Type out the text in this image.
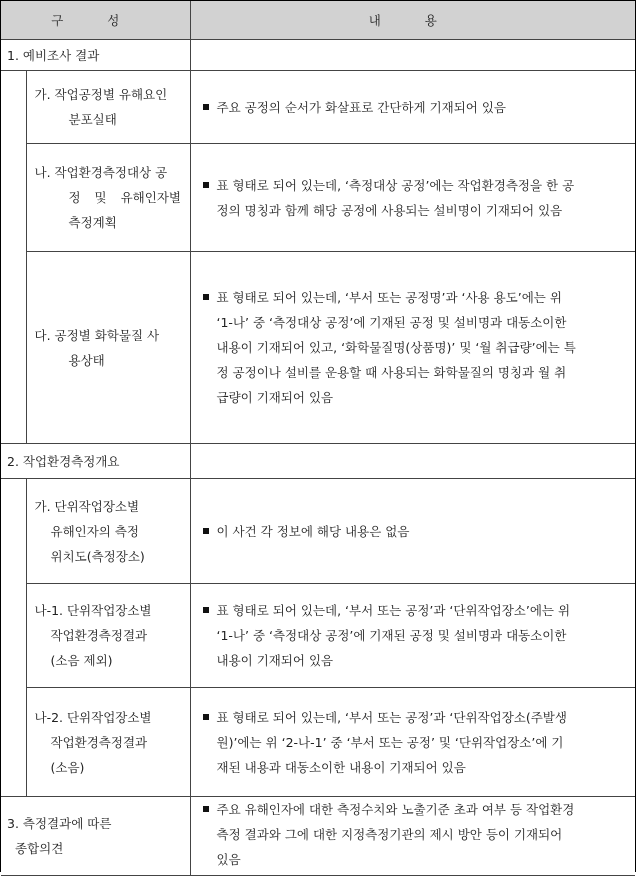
구 성		내 용
1. 예비조사 결과		

	가. 작업공정별 유해요인
분포실태	주요 공정의 순서가 화살표로 간단하게 기재되어 있음

	나. 작업환경측정대상 공
정 및 유해인자별
측정계획	표 형태로 되어 있는데, ‘측정대상 공정’에는 작업환경측정을 한 공
정의 명칭과 함께 해당 공정에 사용되는 설비명이 기재되어 있음

	다. 공정별 화학물질 사
용상태	표 형태로 되어 있는데, ‘부서 또는 공정명’과 ‘사용 용도’에는 위
‘1-나’ 중 ‘측정대상 공정’에 기재된 공정 및 설비명과 대동소이한
내용이 기재되어 있고, ‘화학물질명(상품명)’ 및 ‘월 취급량’에는 특
정 공정이나 설비를 운용할 때 사용되는 화학물질의 명칭과 월 취
급량이 기재되어 있음

2. 작업환경측정개요		

	가. 단위작업장소별
유해인자의 측정
위치도(측정장소)	이 사건 각 정보에 해당 내용은 없음

	나-1. 단위작업장소별
작업환경측정결과
(소음 제외)	표 형태로 되어 있는데, ‘부서 또는 공정’과 ‘단위작업장소’에는 위
‘1-나’ 중 ‘측정대상 공정’에 기재된 공정 및 설비명과 대동소이한
내용이 기재되어 있음

	나-2. 단위작업장소별
작업환경측정결과
(소음)	표 형태로 되어 있는데, ‘부서 또는 공정’과 ‘단위작업장소(주발생
원)’에는 위 ‘2-나-1’ 중 ‘부서 또는 공정’ 및 ‘단위작업장소’에 기
재된 내용과 대동소이한 내용이 기재되어 있음

3. 측정결과에 따른
종합의견		주요 유해인자에 대한 측정수치와 노출기준 초과 여부 등 작업환경
측정 결과와 그에 대한 지정측정기관의 제시 방안 등이 기재되어
있음
